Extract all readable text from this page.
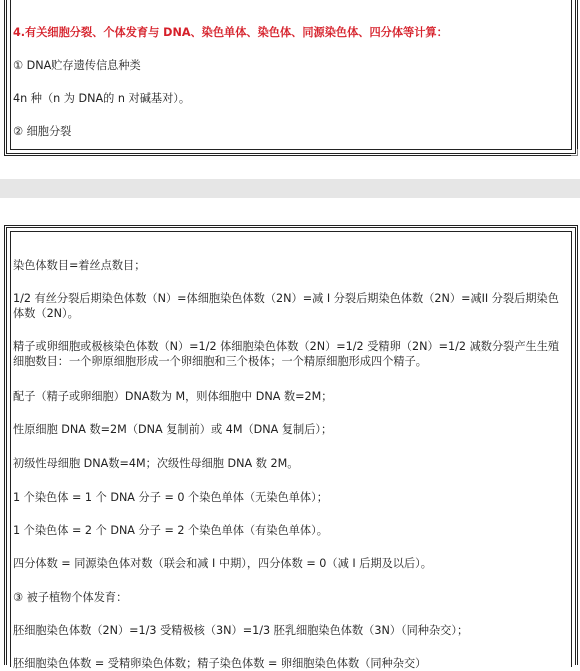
4.有关细胞分裂、个体发育与 DNA、染色单体、染色体、同源染色体、四分体等计算：
① DNA贮存遗传信息种类
4n 种（n 为 DNA的 n 对碱基对）。
② 细胞分裂
染色体数目=着丝点数目；
1/2 有丝分裂后期染色体数（N）=体细胞染色体数（2N）=减 I 分裂后期染色体数（2N）=减II 分裂后期染色体数（2N）。
精子或卵细胞或极核染色体数（N）=1/2 体细胞染色体数（2N）=1/2 受精卵（2N）=1/2 减数分裂产生生殖细胞数目：一个卵原细胞形成一个卵细胞和三个极体；一个精原细胞形成四个精子。
配子（精子或卵细胞）DNA数为 M，则体细胞中 DNA 数=2M；
性原细胞 DNA 数=2M（DNA 复制前）或 4M（DNA 复制后）；
初级性母细胞 DNA数=4M；次级性母细胞 DNA 数 2M。
1 个染色体 = 1 个 DNA 分子 = 0 个染色单体（无染色单体）；
1 个染色体 = 2 个 DNA 分子 = 2 个染色单体（有染色单体）。
四分体数 = 同源染色体对数（联会和减 I 中期），四分体数 = 0（减 I 后期及以后）。
③ 被子植物个体发育：
胚细胞染色体数（2N）=1/3 受精极核（3N）=1/3 胚乳细胞染色体数（3N）（同种杂交）；
胚细胞染色体数 = 受精卵染色体数；精子染色体数 = 卵细胞染色体数（同种杂交）
